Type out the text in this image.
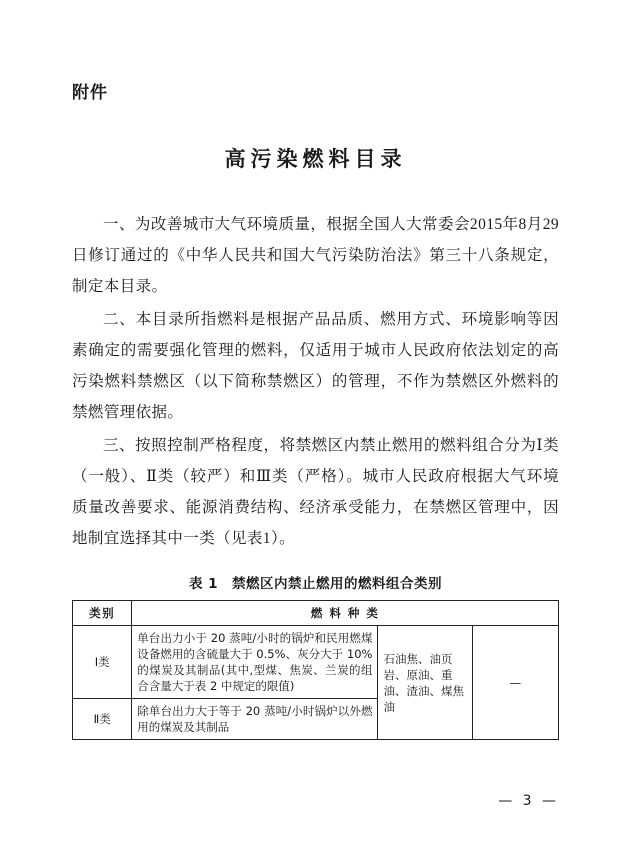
附件
高污染燃料目录

一、为改善城市大气环境质量，根据全国人大常委会2015年8月29日修订通过的《中华人民共和国大气污染防治法》第三十八条规定，制定本目录。

二、本目录所指燃料是根据产品品质、燃用方式、环境影响等因素确定的需要强化管理的燃料，仅适用于城市人民政府依法划定的高污染燃料禁燃区（以下简称禁燃区）的管理，不作为禁燃区外燃料的禁燃管理依据。

三、按照控制严格程度，将禁燃区内禁止燃用的燃料组合分为Ⅰ类（一般）、Ⅱ类（较严）和Ⅲ类（严格）。城市人民政府根据大气环境质量改善要求、能源消费结构、经济承受能力，在禁燃区管理中，因地制宜选择其中一类（见表1）。

表 1　禁燃区内禁止燃用的燃料组合类别
类别	燃 料 种 类		
Ⅰ类	单台出力小于 20 蒸吨/小时的锅炉和民用燃煤设备燃用的含硫量大于 0.5%、灰分大于 10%的煤炭及其制品(其中,型煤、焦炭、兰炭的组合含量大于表 2 中规定的限值)	石油焦、油页岩、原油、重油、渣油、煤焦油	—
Ⅱ类	除单台出力大于等于 20 蒸吨/小时锅炉以外燃用的煤炭及其制品		
— 3 —
